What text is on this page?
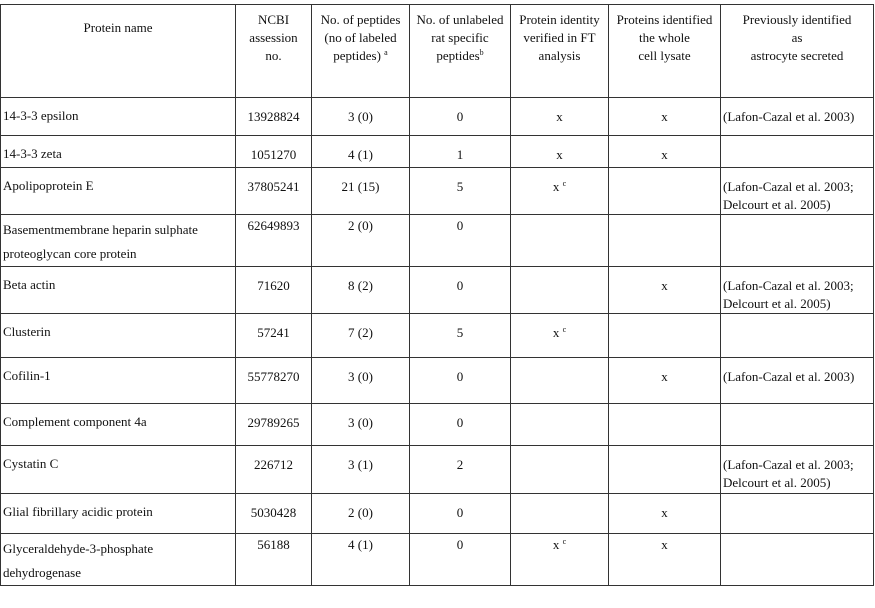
Protein name	NCBI
assession
no.	No. of peptides
(no of labeled
peptides) $^a$	No. of unlabeled
rat specific
peptides$^b$	Protein identity
verified in FT
analysis	Proteins identified
the whole
cell lysate	Previously identified
as
astrocyte secreted
14-3-3 epsilon	13928824	3 (0)	0	x	x	(Lafon-Cazal et al. 2003)
14-3-3 zeta	1051270	4 (1)	1	x	x	
Apolipoprotein E	37805241	21 (15)	5	x $^c$		(Lafon-Cazal et al. 2003;
Delcourt et al. 2005)
Basementmembrane heparin sulphate
proteoglycan core protein	62649893	2 (0)	0			
Beta actin	71620	8 (2)	0		x	(Lafon-Cazal et al. 2003;
Delcourt et al. 2005)
Clusterin	57241	7 (2)	5	x $^c$		
Cofilin-1	55778270	3 (0)	0		x	(Lafon-Cazal et al. 2003)
Complement component 4a	29789265	3 (0)	0			
Cystatin C	226712	3 (1)	2			(Lafon-Cazal et al. 2003;
Delcourt et al. 2005)
Glial fibrillary acidic protein	5030428	2 (0)	0		x	
Glyceraldehyde-3-phosphate
dehydrogenase	56188	4 (1)	0	x $^c$	x	
